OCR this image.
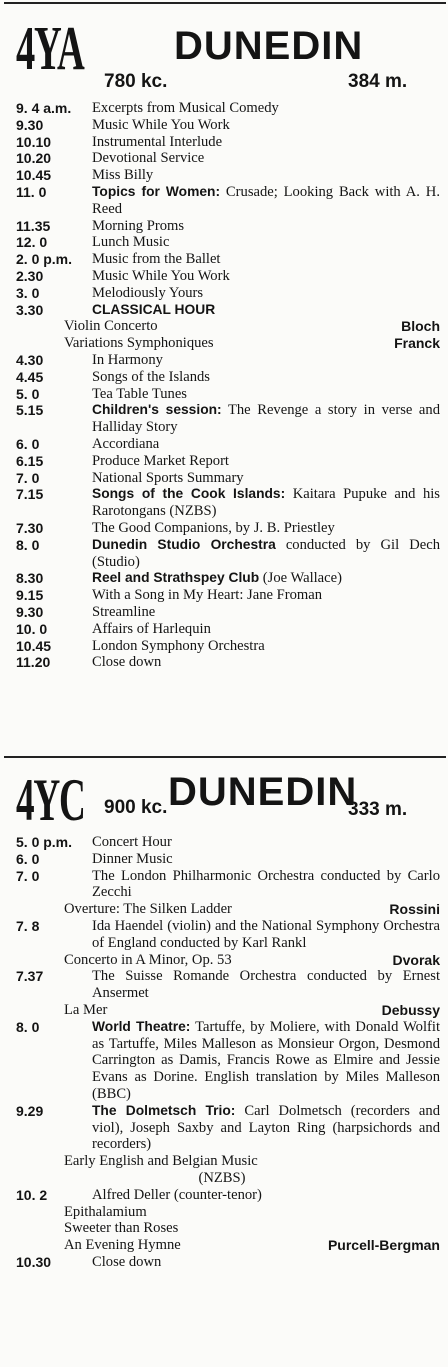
4YA DUNEDIN
780 kc.	384 m.
9. 4 a.m. Excerpts from Musical Comedy
9.30	Music While You Work
10.10	Instrumental Interlude
10.20	Devotional Service
10.45	Miss Billy
11. 0	Topics for Women: Crusade; Looking Back with A. H. Reed
11.35	Morning Proms
12. 0	Lunch Music
2. 0 p.m. Music from the Ballet
2.30	Music While You Work
3. 0	Melodiously Yours
3.30	CLASSICAL HOUR
Violin Concerto	Bloch
Variations Symphoniques	Franck
4.30	In Harmony
4.45	Songs of the Islands
5. 0	Tea Table Tunes
5.15	Children's session: The Revenge a story in verse and Halliday Story
6. 0	Accordiana
6.15	Produce Market Report
7. 0	National Sports Summary
7.15	Songs of the Cook Islands: Kaitara Pupuke and his Rarotongans (NZBS)
7.30	The Good Companions, by J. B. Priestley
8. 0	Dunedin Studio Orchestra conducted by Gil Dech (Studio)
8.30	Reel and Strathspey Club (Joe Wallace)
9.15	With a Song in My Heart: Jane Froman
9.30	Streamline
10. 0	Affairs of Harlequin
10.45	London Symphony Orchestra
11.20	Close down
4YC 900 kc. DUNEDIN
333 m.
5. 0 p.m. Concert Hour
6. 0	Dinner Music
7. 0	The London Philharmonic Orchestra conducted by Carlo Zecchi
Overture: The Silken Ladder	Rossini
7. 8	Ida Haendel (violin) and the National Symphony Orchestra of England conducted by Karl Rankl
Concerto in A Minor, Op. 53	Dvorak
7.37	The Suisse Romande Orchestra conducted by Ernest Ansermet
La Mer	Debussy
8. 0	World Theatre: Tartuffe, by Moliere, with Donald Wolfit as Tartuffe, Miles Malleson as Monsieur Orgon, Desmond Carrington as Damis, Francis Rowe as Elmire and Jessie Evans as Dorine. English translation by Miles Malleson (BBC)
9.29	The Dolmetsch Trio: Carl Dolmetsch (recorders and viol), Joseph Saxby and Layton Ring (harpsichords and recorders)
Early English and Belgian Music
(NZBS)
10. 2	Alfred Deller (counter-tenor)
Epithalamium
Sweeter than Roses
An Evening Hymne	Purcell-Bergman
10.30	Close down
